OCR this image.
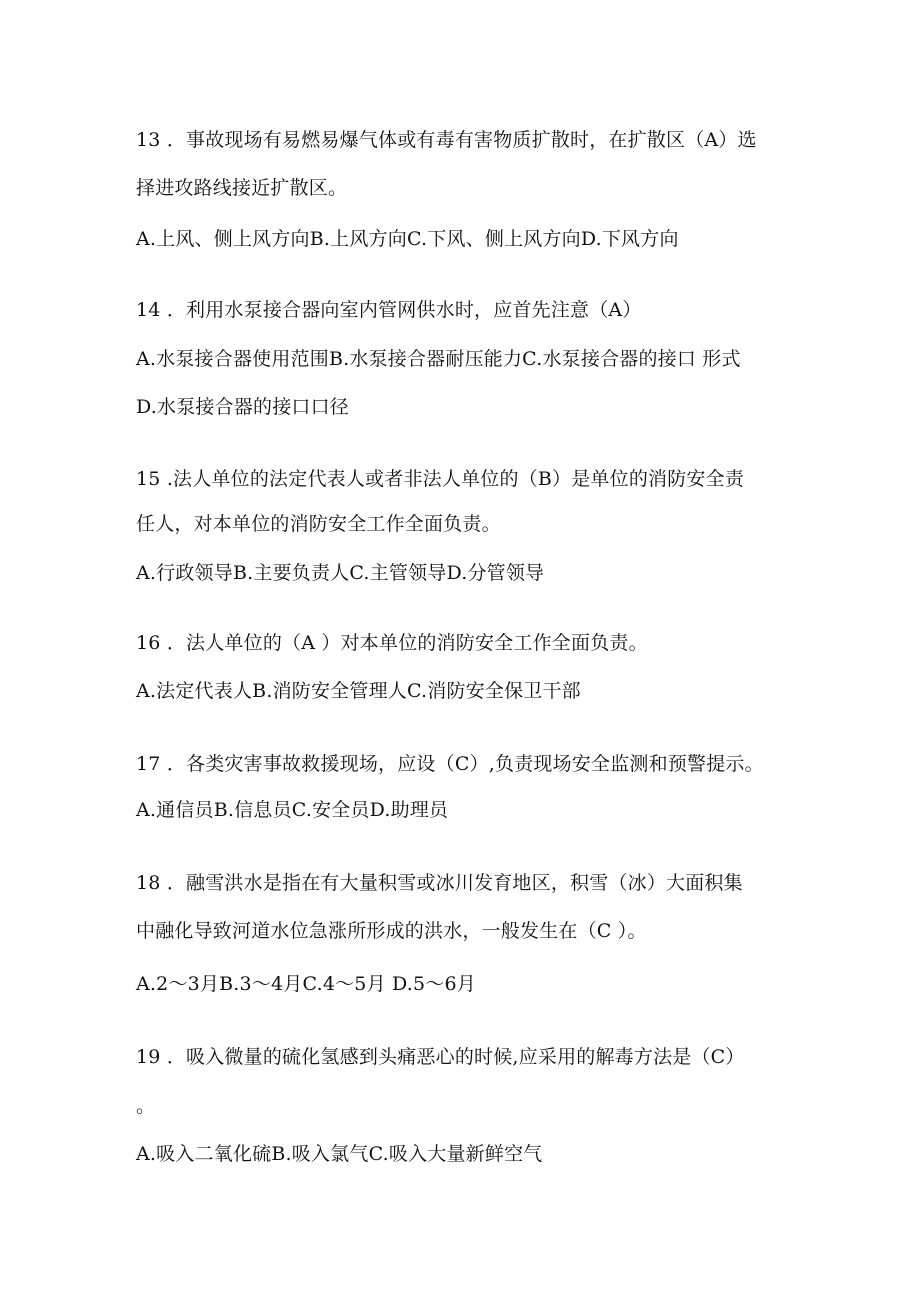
13 ．事故现场有易燃易爆气体或有毒有害物质扩散时，在扩散区（A）选

择进攻路线接近扩散区。

A.上风、侧上风方向B.上风方向C.下风、侧上风方向D.下风方向

14 ．利用水泵接合器向室内管网供水时，应首先注意（A）

A.水泵接合器使用范围B.水泵接合器耐压能力C.水泵接合器的接口 形式

D.水泵接合器的接口口径

15 .法人单位的法定代表人或者非法人单位的（B）是单位的消防安全责

任人，对本单位的消防安全工作全面负责。

A.行政领导B.主要负责人C.主管领导D.分管领导

16 ．法人单位的（A ）对本单位的消防安全工作全面负责。

A.法定代表人B.消防安全管理人C.消防安全保卫干部

17 ．各类灾害事故救援现场，应设（C）,负责现场安全监测和预警提示。

A.通信员B.信息员C.安全员D.助理员

18 ．融雪洪水是指在有大量积雪或冰川发育地区，积雪（冰）大面积集

中融化导致河道水位急涨所形成的洪水，一般发生在（C ）。

A.2～3月B.3～4月C.4～5月 D.5～6月

19 ．吸入微量的硫化氢感到头痛恶心的时候,应采用的解毒方法是（C）

。

A.吸入二氧化硫B.吸入氯气C.吸入大量新鲜空气
